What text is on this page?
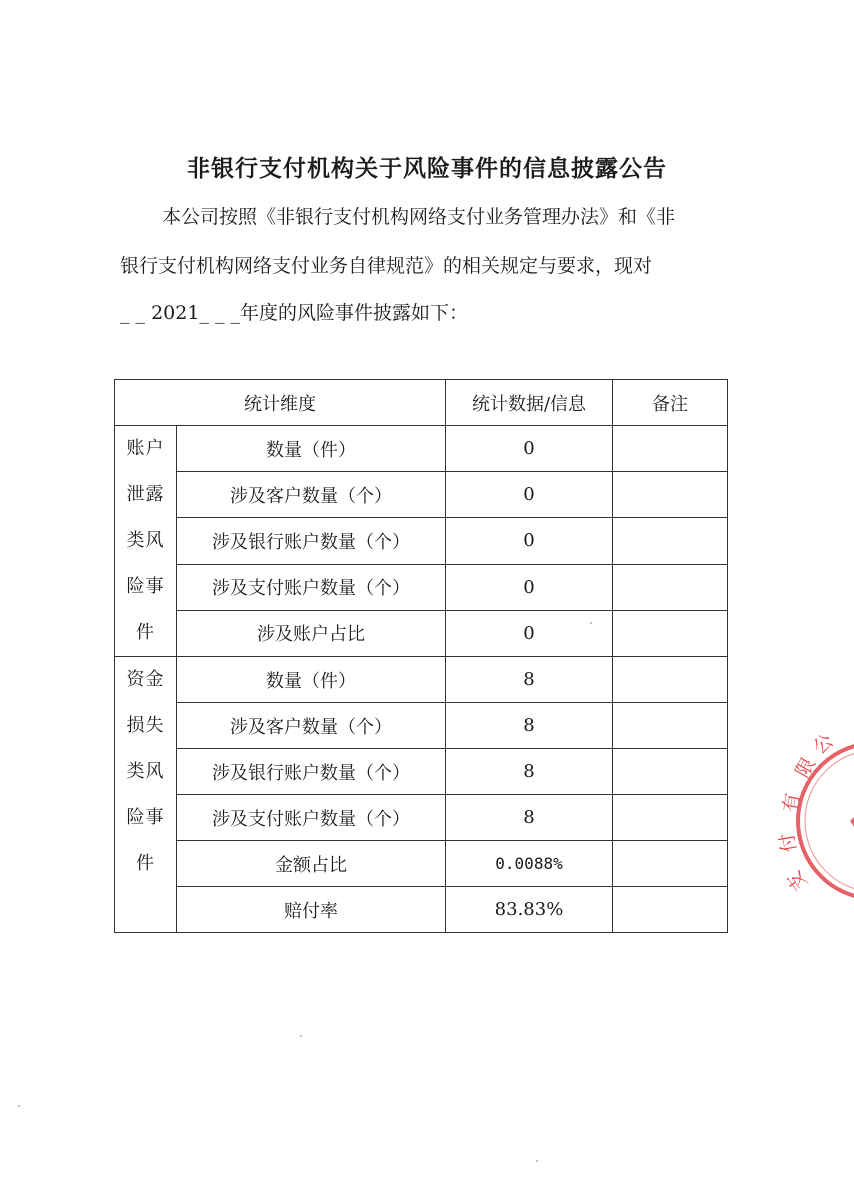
非银行支付机构关于风险事件的信息披露公告
本公司按照《非银行支付机构网络支付业务管理办法》和《非
银行支付机构网络支付业务自律规范》的相关规定与要求，现对
_ _ 2021_ _ _年度的风险事件披露如下：
统计维度		统计数据/信息	备注

账户
泄露
类风
险事
件	数量（件）	0	
	涉及客户数量（个）	0	
	涉及银行账户数量（个）	0	
	涉及支付账户数量（个）	0	
	涉及账户占比	0	

资金
损失
类风
险事
件	数量（件）	8	
	涉及客户数量（个）	8	
	涉及银行账户数量（个）	8	
	涉及支付账户数量（个）	8	
	金额占比	0.0088%	
	赔付率	83.83%	
公
限
有
付
支
